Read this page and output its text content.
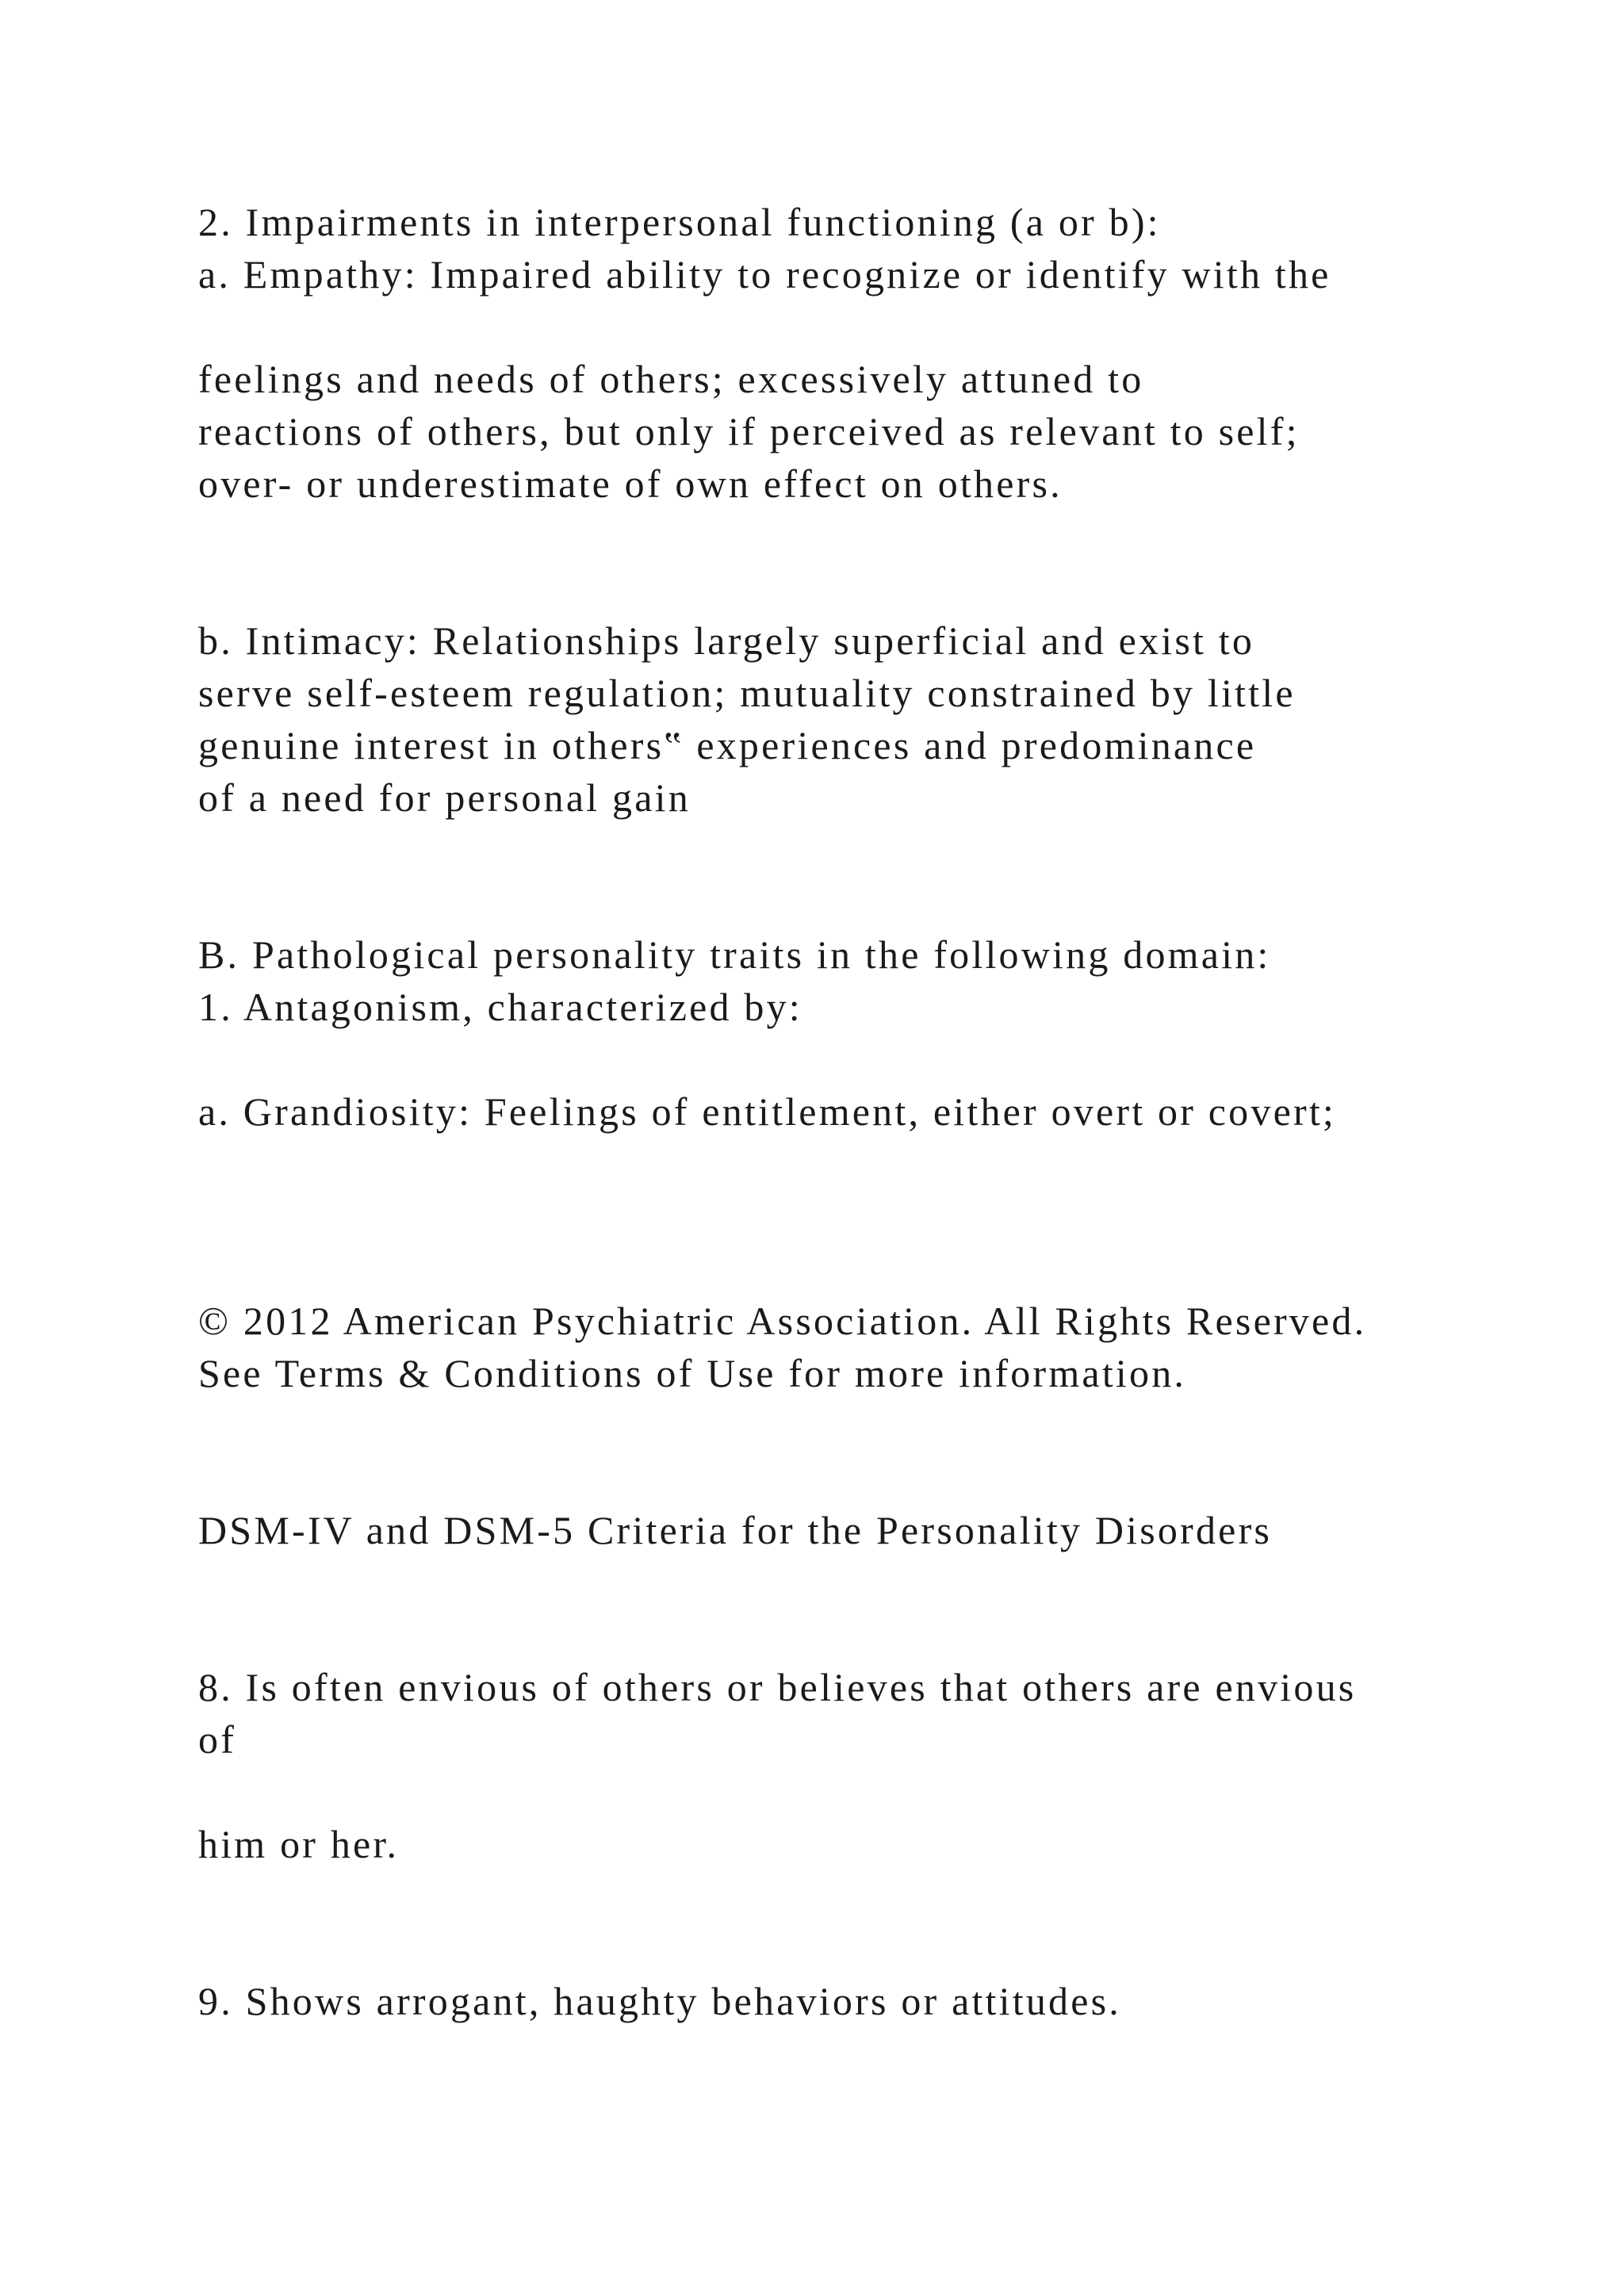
2. Impairments in interpersonal functioning (a or b):

a. Empathy: Impaired ability to recognize or identify with the

feelings and needs of others; excessively attuned to

reactions of others, but only if perceived as relevant to self;

over- or underestimate of own effect on others.

b. Intimacy: Relationships largely superficial and exist to

serve self-esteem regulation; mutuality constrained by little

genuine interest in others‟ experiences and predominance

of a need for personal gain

B. Pathological personality traits in the following domain:

1. Antagonism, characterized by:

a. Grandiosity: Feelings of entitlement, either overt or covert;

© 2012 American Psychiatric Association. All Rights Reserved.

See Terms & Conditions of Use for more information.

DSM-IV and DSM-5 Criteria for the Personality Disorders

8. Is often envious of others or believes that others are envious

of

him or her.

9. Shows arrogant, haughty behaviors or attitudes.
